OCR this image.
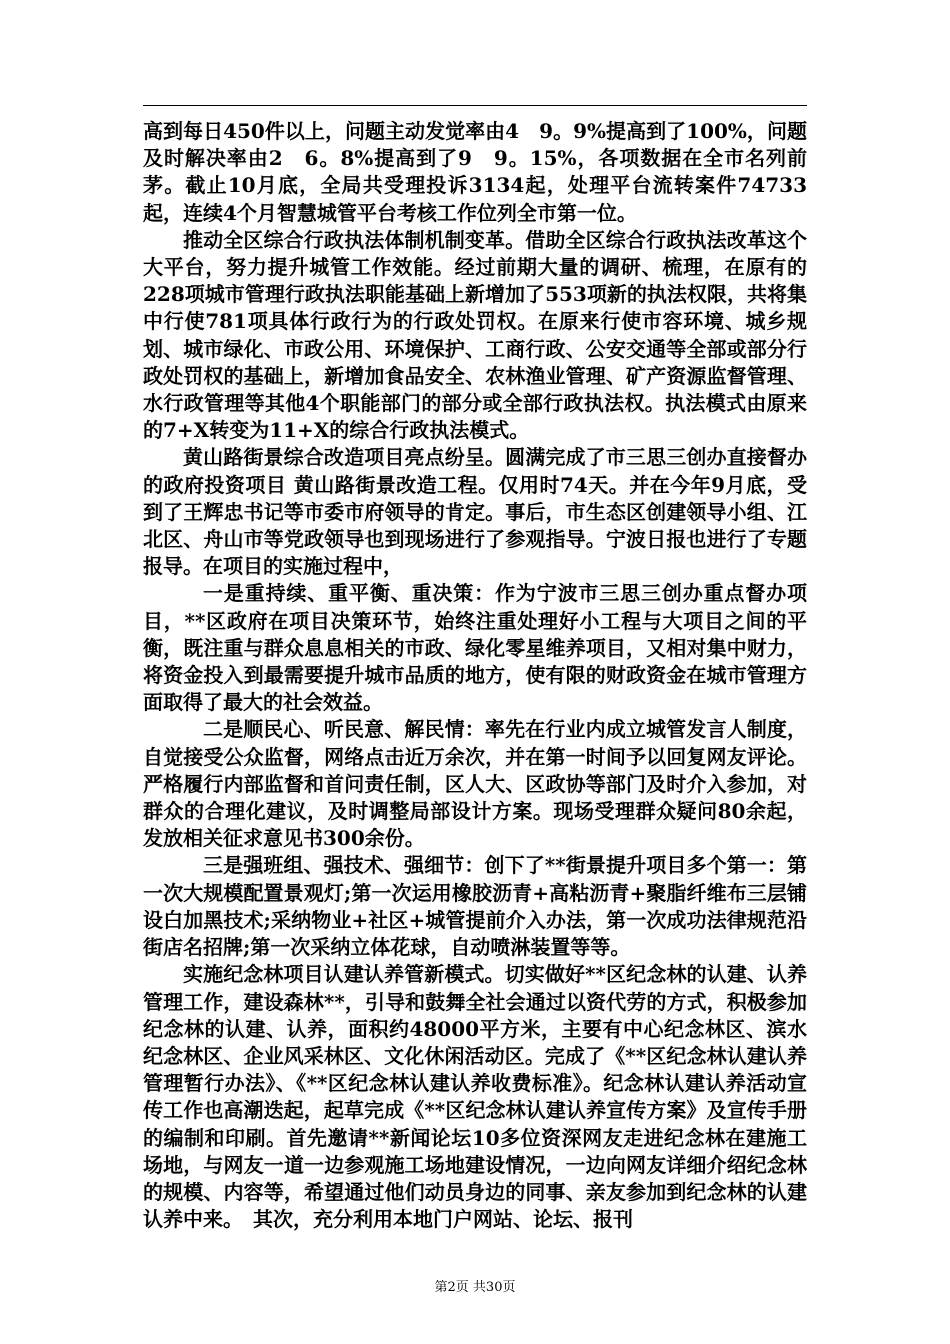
高到每日450件以上，问题主动发觉率由4　9。9%提高到了100%，问题及时解决率由2　6。8%提高到了9　9。15%，各项数据在全市名列前茅。截止10月底，全局共受理投诉3134起，处理平台流转案件74733起，连续4个月智慧城管平台考核工作位列全市第一位。

推动全区综合行政执法体制机制变革。借助全区综合行政执法改革这个大平台，努力提升城管工作效能。经过前期大量的调研、梳理，在原有的228项城市管理行政执法职能基础上新增加了553项新的执法权限，共将集中行使781项具体行政行为的行政处罚权。在原来行使市容环境、城乡规划、城市绿化、市政公用、环境保护、工商行政、公安交通等全部或部分行政处罚权的基础上，新增加食品安全、农林渔业管理、矿产资源监督管理、水行政管理等其他4个职能部门的部分或全部行政执法权。执法模式由原来的7+X转变为11+X的综合行政执法模式。

黄山路街景综合改造项目亮点纷呈。圆满完成了市三思三创办直接督办的政府投资项目 黄山路街景改造工程。仅用时74天。并在今年9月底，受到了王辉忠书记等市委市府领导的肯定。事后，市生态区创建领导小组、江北区、舟山市等党政领导也到现场进行了参观指导。宁波日报也进行了专题报导。在项目的实施过程中，

一是重持续、重平衡、重决策：作为宁波市三思三创办重点督办项目，**区政府在项目决策环节，始终注重处理好小工程与大项目之间的平衡，既注重与群众息息相关的市政、绿化零星维养项目，又相对集中财力，将资金投入到最需要提升城市品质的地方，使有限的财政资金在城市管理方面取得了最大的社会效益。

二是顺民心、听民意、解民情：率先在行业内成立城管发言人制度，自觉接受公众监督，网络点击近万余次，并在第一时间予以回复网友评论。严格履行内部监督和首问责任制，区人大、区政协等部门及时介入参加，对群众的合理化建议，及时调整局部设计方案。现场受理群众疑问80余起，发放相关征求意见书300余份。

三是强班组、强技术、强细节：创下了**街景提升项目多个第一：第一次大规模配置景观灯;第一次运用橡胶沥青+高粘沥青+聚脂纤维布三层铺设白加黑技术;采纳物业+社区+城管提前介入办法，第一次成功法律规范沿街店名招牌;第一次采纳立体花球，自动喷淋装置等等。

实施纪念林项目认建认养管新模式。切实做好**区纪念林的认建、认养管理工作，建设森林**，引导和鼓舞全社会通过以资代劳的方式，积极参加纪念林的认建、认养，面积约48000平方米，主要有中心纪念林区、滨水纪念林区、企业风采林区、文化休闲活动区。完成了《**区纪念林认建认养管理暂行办法》、《**区纪念林认建认养收费标准》。纪念林认建认养活动宣传工作也高潮迭起，起草完成《**区纪念林认建认养宣传方案》及宣传手册的编制和印刷。首先邀请**新闻论坛10多位资深网友走进纪念林在建施工场地，与网友一道一边参观施工场地建设情况，一边向网友详细介绍纪念林的规模、内容等，希望通过他们动员身边的同事、亲友参加到纪念林的认建认养中来。　其次，充分利用本地门户网站、论坛、报刊

第2页 共30页
